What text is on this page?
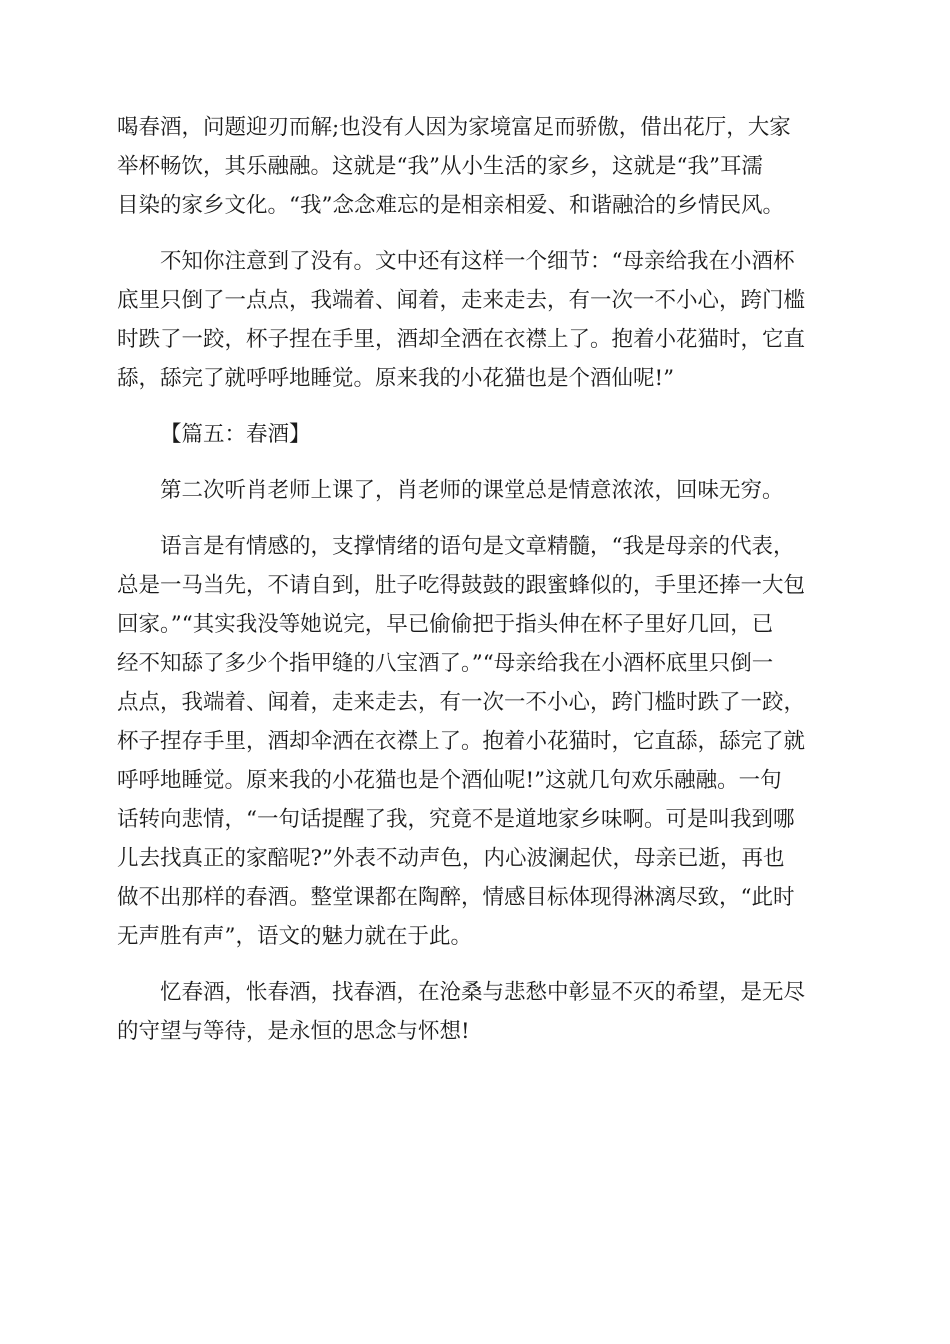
喝春酒，问题迎刃而解;也没有人因为家境富足而骄傲，借出花厅，大家
举杯畅饮，其乐融融。这就是“我”从小生活的家乡，这就是“我”耳濡
目染的家乡文化。“我”念念难忘的是相亲相爱、和谐融洽的乡情民风。

不知你注意到了没有。文中还有这样一个细节：“母亲给我在小酒杯
底里只倒了一点点，我端着、闻着，走来走去，有一次一不小心，跨门槛
时跌了一跤，杯子捏在手里，酒却全洒在衣襟上了。抱着小花猫时，它直
舔，舔完了就呼呼地睡觉。原来我的小花猫也是个酒仙呢!”

【篇五：春酒】

第二次听肖老师上课了，肖老师的课堂总是情意浓浓，回味无穷。

语言是有情感的，支撑情绪的语句是文章精髓，“我是母亲的代表，
总是一马当先，不请自到，肚子吃得鼓鼓的跟蜜蜂似的，手里还捧一大包
回家。”“其实我没等她说完，早已偷偷把于指头伸在杯子里好几回，已
经不知舔了多少个指甲缝的八宝酒了。”“母亲给我在小酒杯底里只倒一
点点，我端着、闻着，走来走去，有一次一不小心，跨门槛时跌了一跤，
杯子捏存手里，酒却伞洒在衣襟上了。抱着小花猫时，它直舔，舔完了就
呼呼地睡觉。原来我的小花猫也是个酒仙呢!”这就几句欢乐融融。一句
话转向悲情，“一句话提醒了我，究竟不是道地家乡味啊。可是叫我到哪
儿去找真正的家醅呢?”外表不动声色，内心波澜起伏，母亲已逝，再也
做不出那样的春酒。整堂课都在陶醉，情感目标体现得淋漓尽致，“此时
无声胜有声”，语文的魅力就在于此。

忆春酒，怅春酒，找春酒，在沧桑与悲愁中彰显不灭的希望，是无尽
的守望与等待，是永恒的思念与怀想!
